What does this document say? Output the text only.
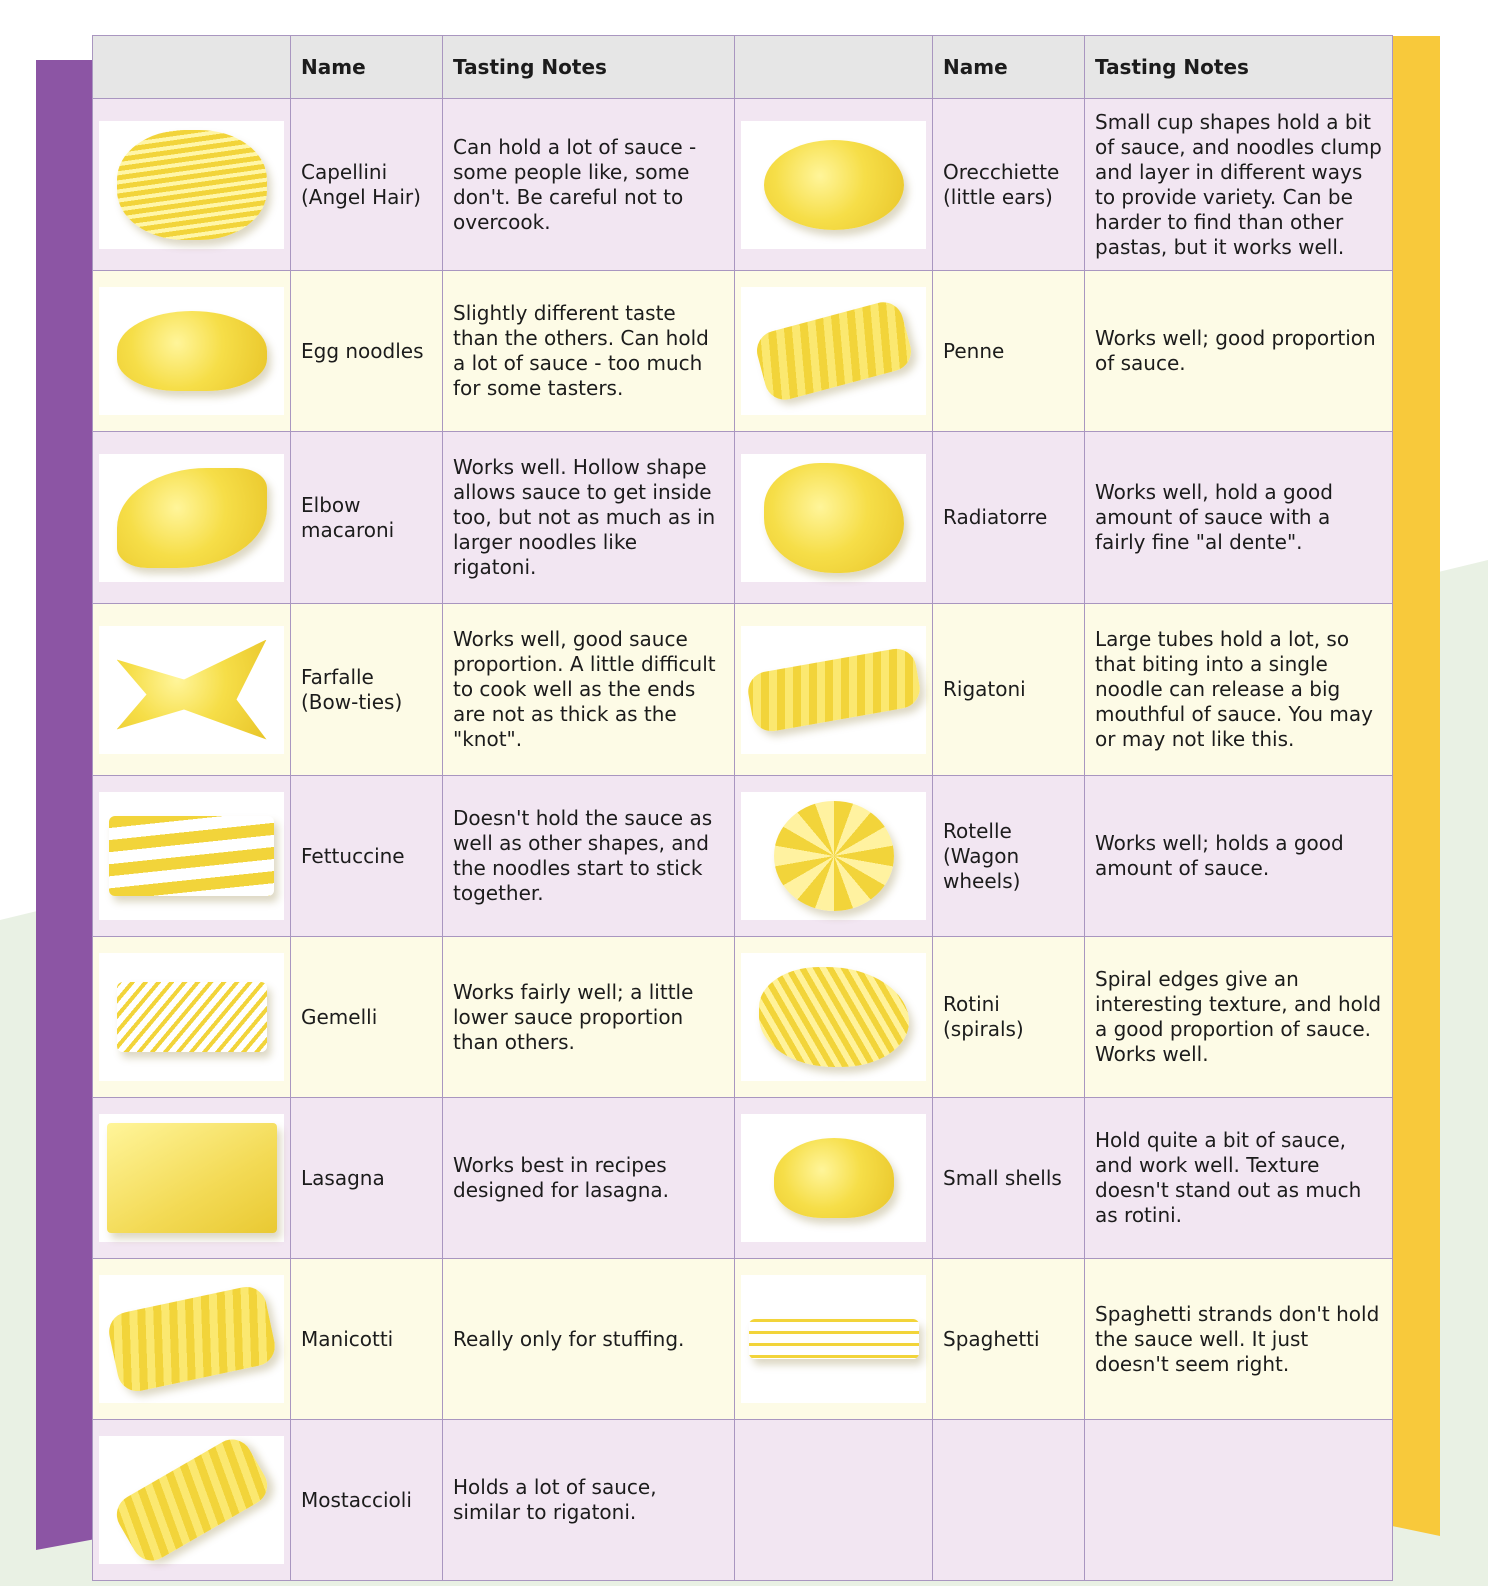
	Name	Tasting Notes		Name	Tasting Notes

	Capellini (Angel Hair)	Can hold a lot of sauce - some people like, some don't. Be careful not to overcook.		Orecchiette (little ears)	Small cup shapes hold a bit of sauce, and noodles clump and layer in different ways to provide variety. Can be harder to find than other pastas, but it works well.

	Egg noodles	Slightly different taste than the others. Can hold a lot of sauce - too much for some tasters.		Penne	Works well; good proportion of sauce.

	Elbow macaroni	Works well. Hollow shape allows sauce to get inside too, but not as much as in larger noodles like rigatoni.		Radiatorre	Works well, hold a good amount of sauce with a fairly fine "al dente".

	Farfalle (Bow-ties)	Works well, good sauce proportion. A little difficult to cook well as the ends are not as thick as the "knot".		Rigatoni	Large tubes hold a lot, so that biting into a single noodle can release a big mouthful of sauce. You may or may not like this.

	Fettuccine	Doesn't hold the sauce as well as other shapes, and the noodles start to stick together.		Rotelle (Wagon wheels)	Works well; holds a good amount of sauce.

	Gemelli	Works fairly well; a little lower sauce proportion than others.		Rotini (spirals)	Spiral edges give an interesting texture, and hold a good proportion of sauce. Works well.

	Lasagna	Works best in recipes designed for lasagna.		Small shells	Hold quite a bit of sauce, and work well. Texture doesn't stand out as much as rotini.

	Manicotti	Really only for stuffing.		Spaghetti	Spaghetti strands don't hold the sauce well. It just doesn't seem right.

	Mostaccioli	Holds a lot of sauce, similar to rigatoni.			
